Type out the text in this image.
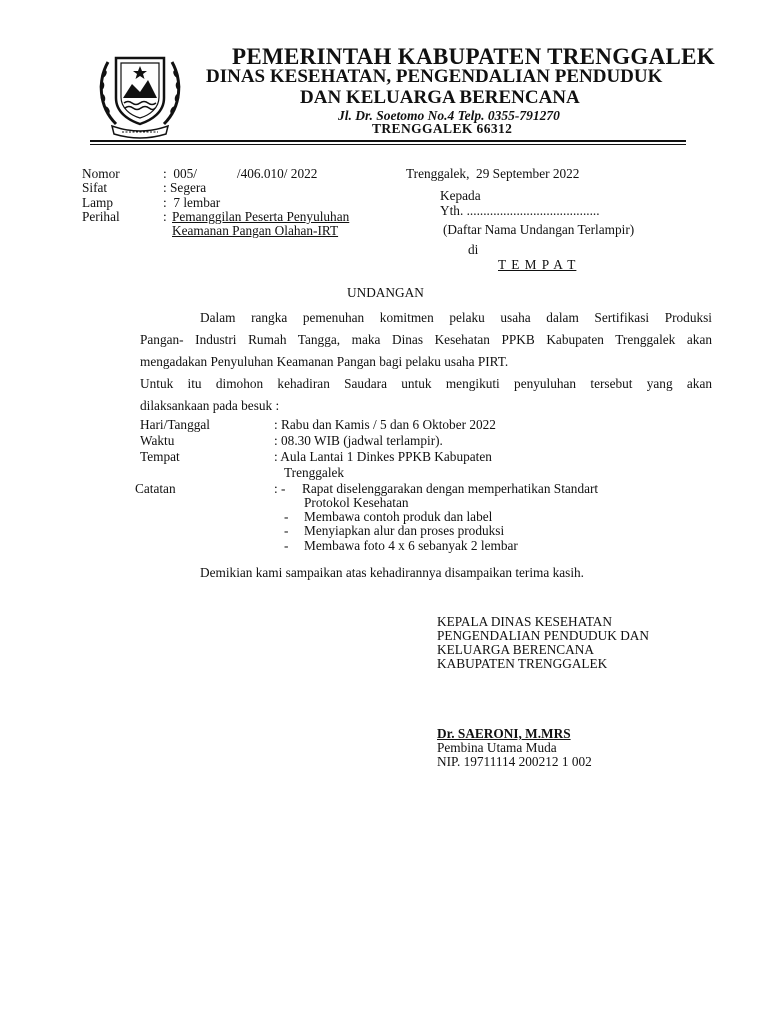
PEMERINTAH KABUPATEN TRENGGALEK
DINAS KESEHATAN, PENGENDALIAN PENDUDUK
DAN KELUARGA BERENCANA
Jl. Dr. Soetomo No.4 Telp. 0355-791270
TRENGGALEK 66312
Nomor	:  005/            /406.010/ 2022
Sifat	: Segera
Lamp	:  7 lembar
Perihal	: Pemanggilan Peserta Penyuluhan
Keamanan Pangan Olahan-IRT
Trenggalek,  29 September 2022
Kepada
Yth. ........................................
(Daftar Nama Undangan Terlampir)
di
T E M P A T
UNDANGAN
Dalam rangka pemenuhan komitmen pelaku usaha dalam Sertifikasi Produksi
Pangan- Industri Rumah Tangga, maka Dinas Kesehatan PPKB Kabupaten Trenggalek akan
mengadakan Penyuluhan Keamanan Pangan bagi pelaku usaha PIRT.
Untuk itu dimohon kehadiran Saudara untuk mengikuti penyuluhan tersebut yang akan
dilaksankaan pada besuk :
Hari/Tanggal	: Rabu dan Kamis / 5 dan 6 Oktober 2022
Waktu	: 08.30 WIB (jadwal terlampir).
Tempat	: Aula Lantai 1 Dinkes PPKB Kabupaten
Trenggalek
Catatan	: - Rapat diselenggarakan dengan memperhatikan Standart
Protokol Kesehatan
- Membawa contoh produk dan label
- Menyiapkan alur dan proses produksi
- Membawa foto 4 x 6 sebanyak 2 lembar
Demikian kami sampaikan atas kehadirannya disampaikan terima kasih.
KEPALA DINAS KESEHATAN
PENGENDALIAN PENDUDUK DAN
KELUARGA BERENCANA
KABUPATEN TRENGGALEK
Dr. SAERONI, M.MRS
Pembina Utama Muda
NIP. 19711114 200212 1 002
